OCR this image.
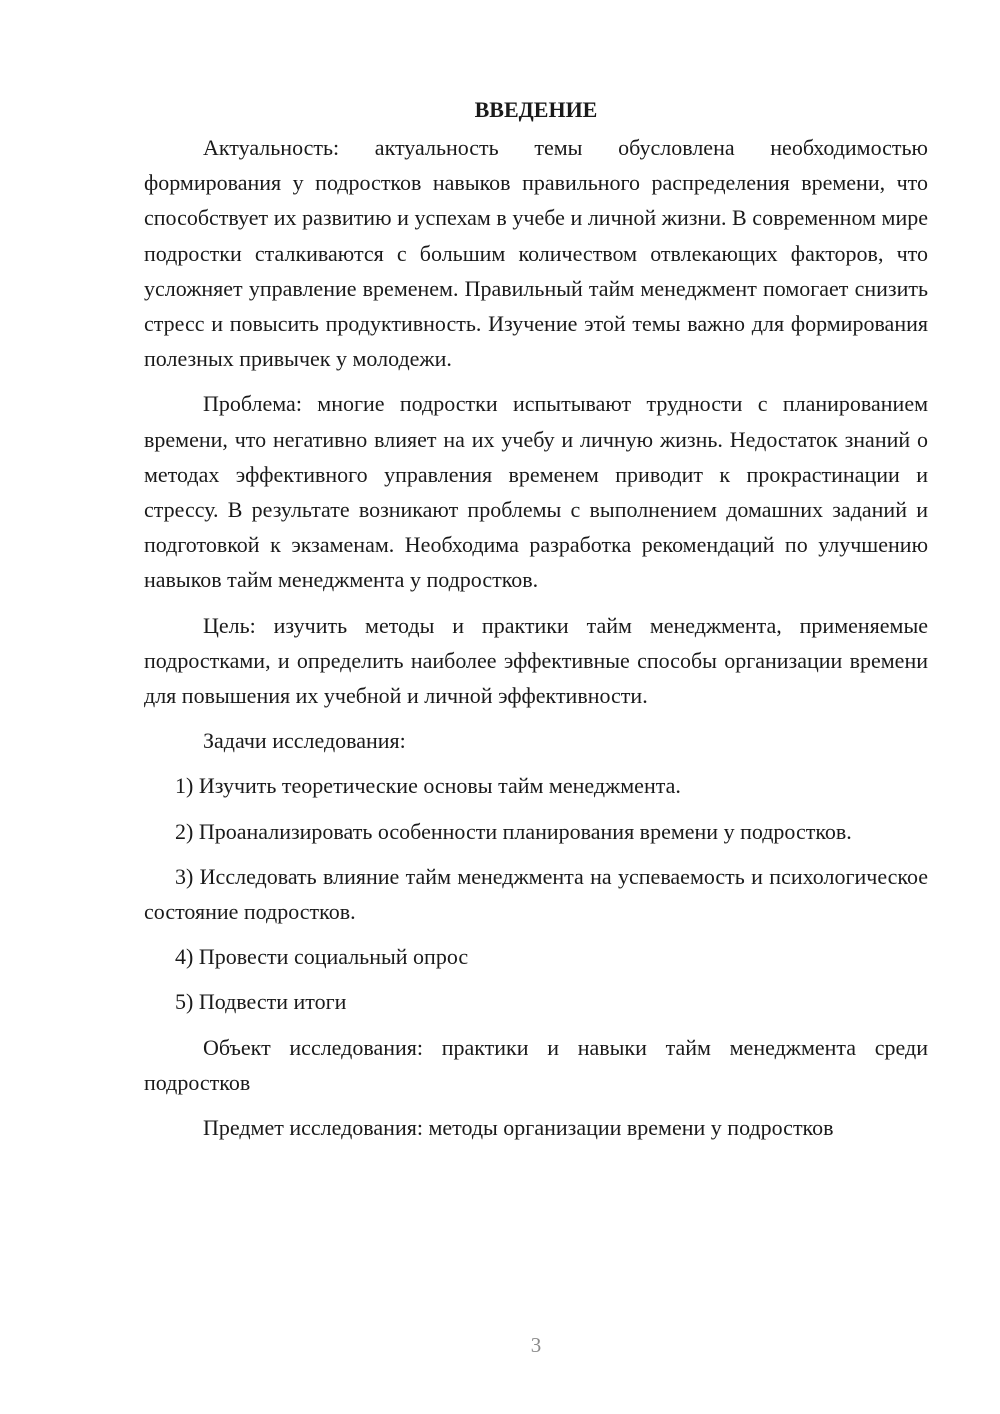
ВВЕДЕНИЕ

Актуальность: актуальность темы обусловлена необходимостью формирования у подростков навыков правильного распределения времени, что способствует их развитию и успехам в учебе и личной жизни. В современном мире подростки сталкиваются с большим количеством отвлекающих факторов, что усложняет управление временем. Правильный тайм менеджмент помогает снизить стресс и повысить продуктивность. Изучение этой темы важно для формирования полезных привычек у молодежи.

Проблема: многие подростки испытывают трудности с планированием времени, что негативно влияет на их учебу и личную жизнь. Недостаток знаний о методах эффективного управления временем приводит к прокрастинации и стрессу. В результате возникают проблемы с выполнением домашних заданий и подготовкой к экзаменам. Необходима разработка рекомендаций по улучшению навыков тайм менеджмента у подростков.

Цель: изучить методы и практики тайм менеджмента, применяемые подростками, и определить наиболее эффективные способы организации времени для повышения их учебной и личной эффективности.

Задачи исследования:

1) Изучить теоретические основы тайм менеджмента.

2) Проанализировать особенности планирования времени у подростков.

3) Исследовать влияние тайм менеджмента на успеваемость и психологическое состояние подростков.

4) Провести социальный опрос

5) Подвести итоги

Объект исследования: практики и навыки тайм менеджмента среди подростков

Предмет исследования: методы организации времени у подростков

3
